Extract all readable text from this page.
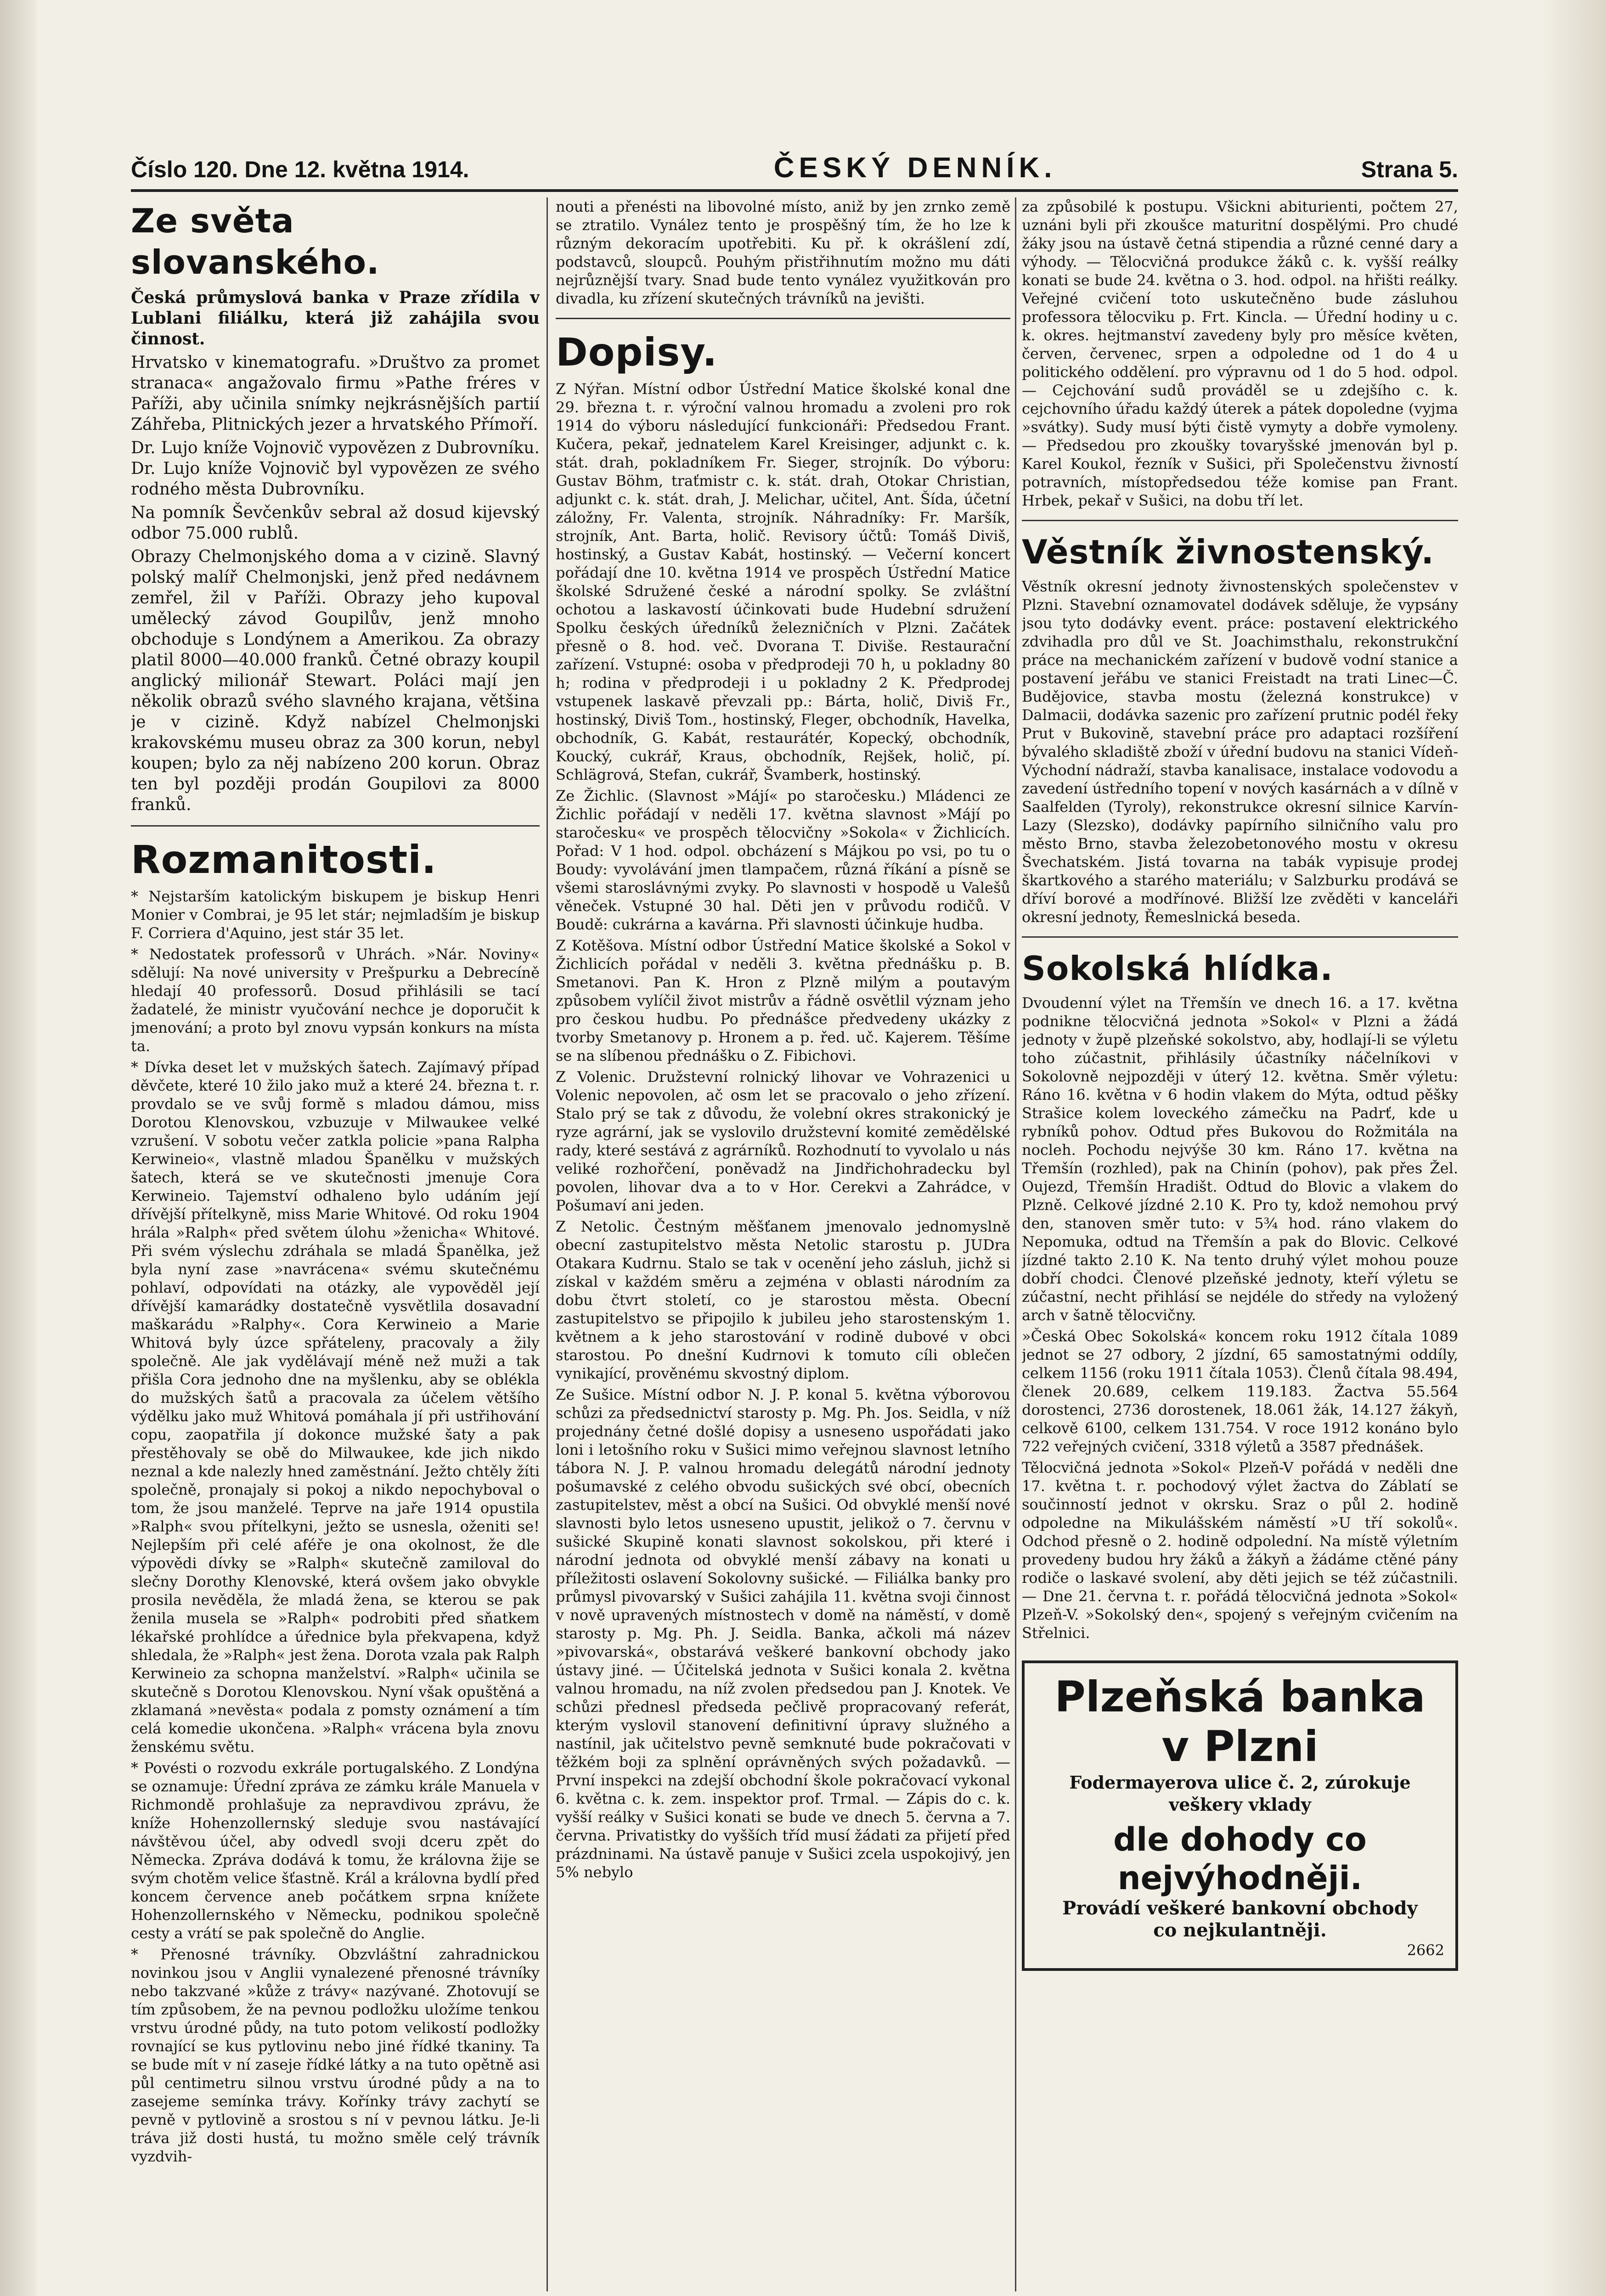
Číslo 120. Dne 12. května 1914.	ČESKÝ DENNÍK.	Strana 5.
Ze světa slovanského.

Česká průmyslová banka v Praze zřídila v Lublani filiálku, která již zahájila svou činnost.

Hrvatsko v kinematografu. »Društvo za promet stranaca« angažovalo firmu »Pathe fréres v Paříži, aby učinila snímky nejkrásnějších partií Záhřeba, Plitnických jezer a hrvatského Přímoří.

Dr. Lujo kníže Vojnovič vypovězen z Dubrovníku. Dr. Lujo kníže Vojnovič byl vypovězen ze svého rodného města Dubrovníku.

Na pomník Ševčenkův sebral až dosud kijevský odbor 75.000 rublů.

Obrazy Chelmonjského doma a v cizině. Slavný polský malíř Chelmonjski, jenž před nedávnem zemřel, žil v Paříži. Obrazy jeho kupoval umělecký závod Goupilův, jenž mnoho obchoduje s Londýnem a Amerikou. Za obrazy platil 8000—40.000 franků. Četné obrazy koupil anglický milionář Stewart. Poláci mají jen několik obrazů svého slavného krajana, většina je v cizině. Když nabízel Chelmonjski krakovskému museu obraz za 300 korun, nebyl koupen; bylo za něj nabízeno 200 korun. Obraz ten byl později prodán Goupilovi za 8000 franků.

Rozmanitosti.

* Nejstarším katolickým biskupem je biskup Henri Monier v Combrai, je 95 let stár; nejmladším je biskup F. Corriera d'Aquino, jest stár 35 let.

* Nedostatek professorů v Uhrách. »Nár. Noviny« sdělují: Na nové university v Prešpurku a Debrecíně hledají 40 professorů. Dosud přihlásili se tací žadatelé, že ministr vyučování nechce je doporučit k jmenování; a proto byl znovu vypsán konkurs na místa ta.

* Dívka deset let v mužských šatech. Zajímavý případ děvčete, které 10 žilo jako muž a které 24. března t. r. provdalo se ve svůj formě s mladou dámou, miss Dorotou Klenovskou, vzbuzuje v Milwaukee velké vzrušení. V sobotu večer zatkla policie »pana Ralpha Kerwineio«, vlastně mladou Španělku v mužských šatech, která se ve skutečnosti jmenuje Cora Kerwineio. Tajemství odhaleno bylo udáním její dřívější přítelkyně, miss Marie Whitové. Od roku 1904 hrála »Ralph« před světem úlohu »ženicha« Whitové. Při svém výslechu zdráhala se mladá Španělka, jež byla nyní zase »navrácena« svému skutečnému pohlaví, odpovídati na otázky, ale vypověděl její dřívější kamarádky dostatečně vysvětlila dosavadní maškarádu »Ralphy«. Cora Kerwineio a Marie Whitová byly úzce spřáteleny, pracovaly a žily společně. Ale jak vydělávají méně než muži a tak přišla Cora jednoho dne na myšlenku, aby se oblékla do mužských šatů a pracovala za účelem většího výdělku jako muž Whitová pomáhala jí při ustřihování copu, zaopatřila jí dokonce mužské šaty a pak přestěhovaly se obě do Milwaukee, kde jich nikdo neznal a kde nalezly hned zaměstnání. Ježto chtěly žíti společně, pronajaly si pokoj a nikdo nepochyboval o tom, že jsou manželé. Teprve na jaře 1914 opustila »Ralph« svou přítelkyni, ježto se usnesla, oženiti se! Nejlepším při celé aféře je ona okolnost, že dle výpovědi dívky se »Ralph« skutečně zamiloval do slečny Dorothy Klenovské, která ovšem jako obvykle prosila nevěděla, že mladá žena, se kterou se pak ženila musela se »Ralph« podrobiti před sňatkem lékařské prohlídce a úřednice byla překvapena, když shledala, že »Ralph« jest žena. Dorota vzala pak Ralph Kerwineio za schopna manželství. »Ralph« učinila se skutečně s Dorotou Klenovskou. Nyní však opuštěná a zklamaná »nevěsta« podala z pomsty oznámení a tím celá komedie ukončena. »Ralph« vrácena byla znovu ženskému světu.

* Povésti o rozvodu exkrále portugalského. Z Londýna se oznamuje: Úřední zpráva ze zámku krále Manuela v Richmondě prohlašuje za nepravdivou zprávu, že kníže Hohenzollernský sleduje svou nastávající návštěvou účel, aby odvedl svoji dceru zpět do Německa. Zpráva dodává k tomu, že královna žije se svým chotěm velice šťastně. Král a královna bydlí před koncem července aneb počátkem srpna knížete Hohenzollernského v Německu, podnikou společně cesty a vrátí se pak společně do Anglie.

* Přenosné trávníky. Obzvláštní zahradnickou novinkou jsou v Anglii vynalezené přenosné trávníky nebo takzvané »kůže z trávy« nazývané. Zhotovují se tím způsobem, že na pevnou podložku uložíme tenkou vrstvu úrodné půdy, na tuto potom velikostí podložky rovnající se kus pytlovinu nebo jiné řídké tkaniny. Ta se bude mít v ní zaseje řídké látky a na tuto opětně asi půl centimetru silnou vrstvu úrodné půdy a na to zasejeme semínka trávy. Kořínky trávy zachytí se pevně v pytlovině a srostou s ní v pevnou látku. Je-li tráva již dosti hustá, tu možno směle celý trávník vyzdvih-

nouti a přenésti na libovolné místo, aniž by jen zrnko země se ztratilo. Vynález tento je prospěšný tím, že ho lze k různým dekoracím upotřebiti. Ku př. k okrášlení zdí, podstavců, sloupců. Pouhým přistřihnutím možno mu dáti nejrůznější tvary. Snad bude tento vynález využitkován pro divadla, ku zřízení skutečných trávníků na jevišti.

Dopisy.

Z Nýřan. Místní odbor Ústřední Matice školské konal dne 29. března t. r. výroční valnou hromadu a zvoleni pro rok 1914 do výboru následující funkcionáři: Předsedou Frant. Kučera, pekař, jednatelem Karel Kreisinger, adjunkt c. k. stát. drah, pokladníkem Fr. Sieger, strojník. Do výboru: Gustav Böhm, traťmistr c. k. stát. drah, Otokar Christian, adjunkt c. k. stát. drah, J. Melichar, učitel, Ant. Šída, účetní záložny, Fr. Valenta, strojník. Náhradníky: Fr. Maršík, strojník, Ant. Barta, holič. Revisory účtů: Tomáš Diviš, hostinský, a Gustav Kabát, hostinský. — Večerní koncert pořádají dne 10. května 1914 ve prospěch Ústřední Matice školské Sdružené české a národní spolky. Se zvláštní ochotou a laskavostí účinkovati bude Hudební sdružení Spolku českých úředníků železničních v Plzni. Začátek přesně o 8. hod. več. Dvorana T. Diviše. Restaurační zařízení. Vstupné: osoba v předprodeji 70 h, u pokladny 80 h; rodina v předprodeji i u pokladny 2 K. Předprodej vstupenek laskavě převzali pp.: Bárta, holič, Diviš Fr., hostinský, Diviš Tom., hostinský, Fleger, obchodník, Havelka, obchodník, G. Kabát, restaurátér, Kopecký, obchodník, Koucký, cukrář, Kraus, obchodník, Rejšek, holič, pí. Schlägrová, Stefan, cukrář, Švamberk, hostinský.

Ze Žichlic. (Slavnost »Májí« po staročesku.) Mládenci ze Žichlic pořádají v neděli 17. května slavnost »Májí po staročesku« ve prospěch tělocvičny »Sokola« v Žichlicích. Pořad: V 1 hod. odpol. obcházení s Májkou po vsi, po tu o Boudy: vyvolávání jmen tlampačem, různá říkání a písně se všemi staroslávnými zvyky. Po slavnosti v hospodě u Valešů věneček. Vstupné 30 hal. Děti jen v průvodu rodičů. V Boudě: cukrárna a kavárna. Při slavnosti účinkuje hudba.

Z Kotěšova. Místní odbor Ústřední Matice školské a Sokol v Žichlicích pořádal v neděli 3. května přednášku p. B. Smetanovi. Pan K. Hron z Plzně milým a poutavým způsobem vylíčil život mistrův a řádně osvětlil význam jeho pro českou hudbu. Po přednášce předvedeny ukázky z tvorby Smetanovy p. Hronem a p. řed. uč. Kajerem. Těšíme se na slíbenou přednášku o Z. Fibichovi.

Z Volenic. Družstevní rolnický lihovar ve Vohrazenici u Volenic nepovolen, ač osm let se pracovalo o jeho zřízení. Stalo prý se tak z důvodu, že volební okres strakonický je ryze agrární, jak se vyslovilo družstevní komité zemědělské rady, které sestává z agrárníků. Rozhodnutí to vyvolalo u nás veliké rozhořčení, poněvadž na Jindřichohradecku byl povolen, lihovar dva a to v Hor. Cerekvi a Zahrádce, v Pošumaví ani jeden.

Z Netolic. Čestným měšťanem jmenovalo jednomyslně obecní zastupitelstvo města Netolic starostu p. JUDra Otakara Kudrnu. Stalo se tak v ocenění jeho zásluh, jichž si získal v každém směru a zejména v oblasti národním za dobu čtvrt století, co je starostou města. Obecní zastupitelstvo se připojilo k jubileu jeho starostenským 1. květnem a k jeho starostování v rodině dubové v obci starostou. Po dnešní Kudrnovi k tomuto cíli oblečen vynikající, prověnému skvostný diplom.

Ze Sušice. Místní odbor N. J. P. konal 5. května výborovou schůzi za předsednictví starosty p. Mg. Ph. Jos. Seidla, v níž projednány četné došlé dopisy a usneseno uspořádati jako loni i letošního roku v Sušici mimo veřejnou slavnost letního tábora N. J. P. valnou hromadu delegátů národní jednoty pošumavské z celého obvodu sušických své obcí, obecních zastupitelstev, měst a obcí na Sušici. Od obvyklé menší nové slavnosti bylo letos usneseno upustit, jelikož o 7. červnu v sušické Skupině konati slavnost sokolskou, při které i národní jednota od obvyklé menší zábavy na konati u příležitosti oslavení Sokolovny sušické. — Filiálka banky pro průmysl pivovarský v Sušici zahájila 11. května svoji činnost v nově upravených místnostech v domě na náměstí, v domě starosty p. Mg. Ph. J. Seidla. Banka, ačkoli má název »pivovarská«, obstarává veškeré bankovní obchody jako ústavy jiné. — Účitelská jednota v Sušici konala 2. května valnou hromadu, na níž zvolen předsedou pan J. Knotek. Ve schůzi přednesl předseda pečlivě propracovaný referát, kterým vyslovil stanovení definitivní úpravy služného a nastínil, jak učitelstvo pevně semknuté bude pokračovati v těžkém boji za splnění oprávněných svých požadavků. — První inspekci na zdejší obchodní škole pokračovací vykonal 6. května c. k. zem. inspektor prof. Trmal. — Zápis do c. k. vyšší reálky v Sušici konati se bude ve dnech 5. června a 7. června. Privatistky do vyšších tříd musí žádati za přijetí před prázdninami. Na ústavě panuje v Sušici zcela uspokojivý, jen 5% nebylo

za způsobilé k postupu. Všickni abiturienti, počtem 27, uznáni byli při zkoušce maturitní dospělými. Pro chudé žáky jsou na ústavě četná stipendia a různé cenné dary a výhody. — Tělocvičná produkce žáků c. k. vyšší reálky konati se bude 24. května o 3. hod. odpol. na hřišti reálky. Veřejné cvičení toto uskutečněno bude zásluhou professora tělocviku p. Frt. Kincla. — Úřední hodiny u c. k. okres. hejtmanství zavedeny byly pro měsíce květen, červen, červenec, srpen a odpoledne od 1 do 4 u politického oddělení. pro výpravnu od 1 do 5 hod. odpol. — Cejchování sudů prováděl se u zdejšího c. k. cejchovního úřadu každý úterek a pátek dopoledne (vyjma »svátky). Sudy musí býti čistě vymyty a dobře vymoleny. — Předsedou pro zkoušky tovaryšské jmenován byl p. Karel Koukol, řezník v Sušici, při Společenstvu živností potravních, místopředsedou téže komise pan Frant. Hrbek, pekař v Sušici, na dobu tří let.

Věstník živnostenský.

Věstník okresní jednoty živnostenských společenstev v Plzni. Stavební oznamovatel dodávek sděluje, že vypsány jsou tyto dodávky event. práce: postavení elektrického zdvihadla pro důl ve St. Joachimsthalu, rekonstrukční práce na mechanickém zařízení v budově vodní stanice a postavení jeřábu ve stanici Freistadt na trati Linec—Č. Budějovice, stavba mostu (železná konstrukce) v Dalmacii, dodávka sazenic pro zařízení prutnic podél řeky Prut v Bukovině, stavební práce pro adaptaci rozšíření bývalého skladiště zboží v úřední budovu na stanici Vídeň-Východní nádraží, stavba kanalisace, instalace vodovodu a zavedení ústředního topení v nových kasárnách a v dílně v Saalfelden (Tyroly), rekonstrukce okresní silnice Karvín-Lazy (Slezsko), dodávky papírního silničního valu pro město Brno, stavba železobetonového mostu v okresu Švechatském. Jistá tovarna na tabák vypisuje prodej škartkového a starého materiálu; v Salzburku prodává se dříví borové a modřínové. Bližší lze zvěděti v kanceláři okresní jednoty, Řemeslnická beseda.

Sokolská hlídka.

Dvoudenní výlet na Třemšín ve dnech 16. a 17. května podnikne tělocvičná jednota »Sokol« v Plzni a žádá jednoty v župě plzeňské sokolstvo, aby, hodlají-li se výletu toho zúčastnit, přihlásily účastníky náčelníkovi v Sokolovně nejpozději v úterý 12. května. Směr výletu: Ráno 16. května v 6 hodin vlakem do Mýta, odtud pěšky Strašice kolem loveckého zámečku na Padrť, kde u rybníků pohov. Odtud přes Bukovou do Rožmitála na nocleh. Pochodu nejvýše 30 km. Ráno 17. května na Třemšín (rozhled), pak na Chinín (pohov), pak přes Žel. Oujezd, Třemšín Hradišt. Odtud do Blovic a vlakem do Plzně. Celkové jízdné 2.10 K. Pro ty, kdož nemohou prvý den, stanoven směr tuto: v 5¾ hod. ráno vlakem do Nepomuka, odtud na Třemšín a pak do Blovic. Celkové jízdné takto 2.10 K. Na tento druhý výlet mohou pouze dobří chodci. Členové plzeňské jednoty, kteří výletu se zúčastní, necht přihlásí se nejdéle do středy na vyložený arch v šatně tělocvičny.

»Česká Obec Sokolská« koncem roku 1912 čítala 1089 jednot se 27 odbory, 2 jízdní, 65 samostatnými oddíly, celkem 1156 (roku 1911 čítala 1053). Členů čítala 98.494, členek 20.689, celkem 119.183. Žactva 55.564 dorostenci, 2736 dorostenek, 18.061 žák, 14.127 žákyň, celkově 6100, celkem 131.754. V roce 1912 konáno bylo 722 veřejných cvičení, 3318 výletů a 3587 přednášek.

Tělocvičná jednota »Sokol« Plzeň-V pořádá v neděli dne 17. května t. r. pochodový výlet žactva do Záblatí se součinností jednot v okrsku. Sraz o půl 2. hodině odpoledne na Mikulášském náměstí »U tří sokolů«. Odchod přesně o 2. hodině odpolední. Na místě výletním provedeny budou hry žáků a žákyň a žádáme ctěné pány rodiče o laskavé svolení, aby děti jejich se též zúčastnili. — Dne 21. června t. r. pořádá tělocvičná jednota »Sokol« Plzeň-V. »Sokolský den«, spojený s veřejným cvičením na Střelnici.

Plzeňská banka
v Plzni
Fodermayerova ulice č. 2, zúrokuje
veškery vklady
dle dohody co nejvýhodněji.
Provádí veškeré bankovní obchody
co nejkulantněji.
2662
